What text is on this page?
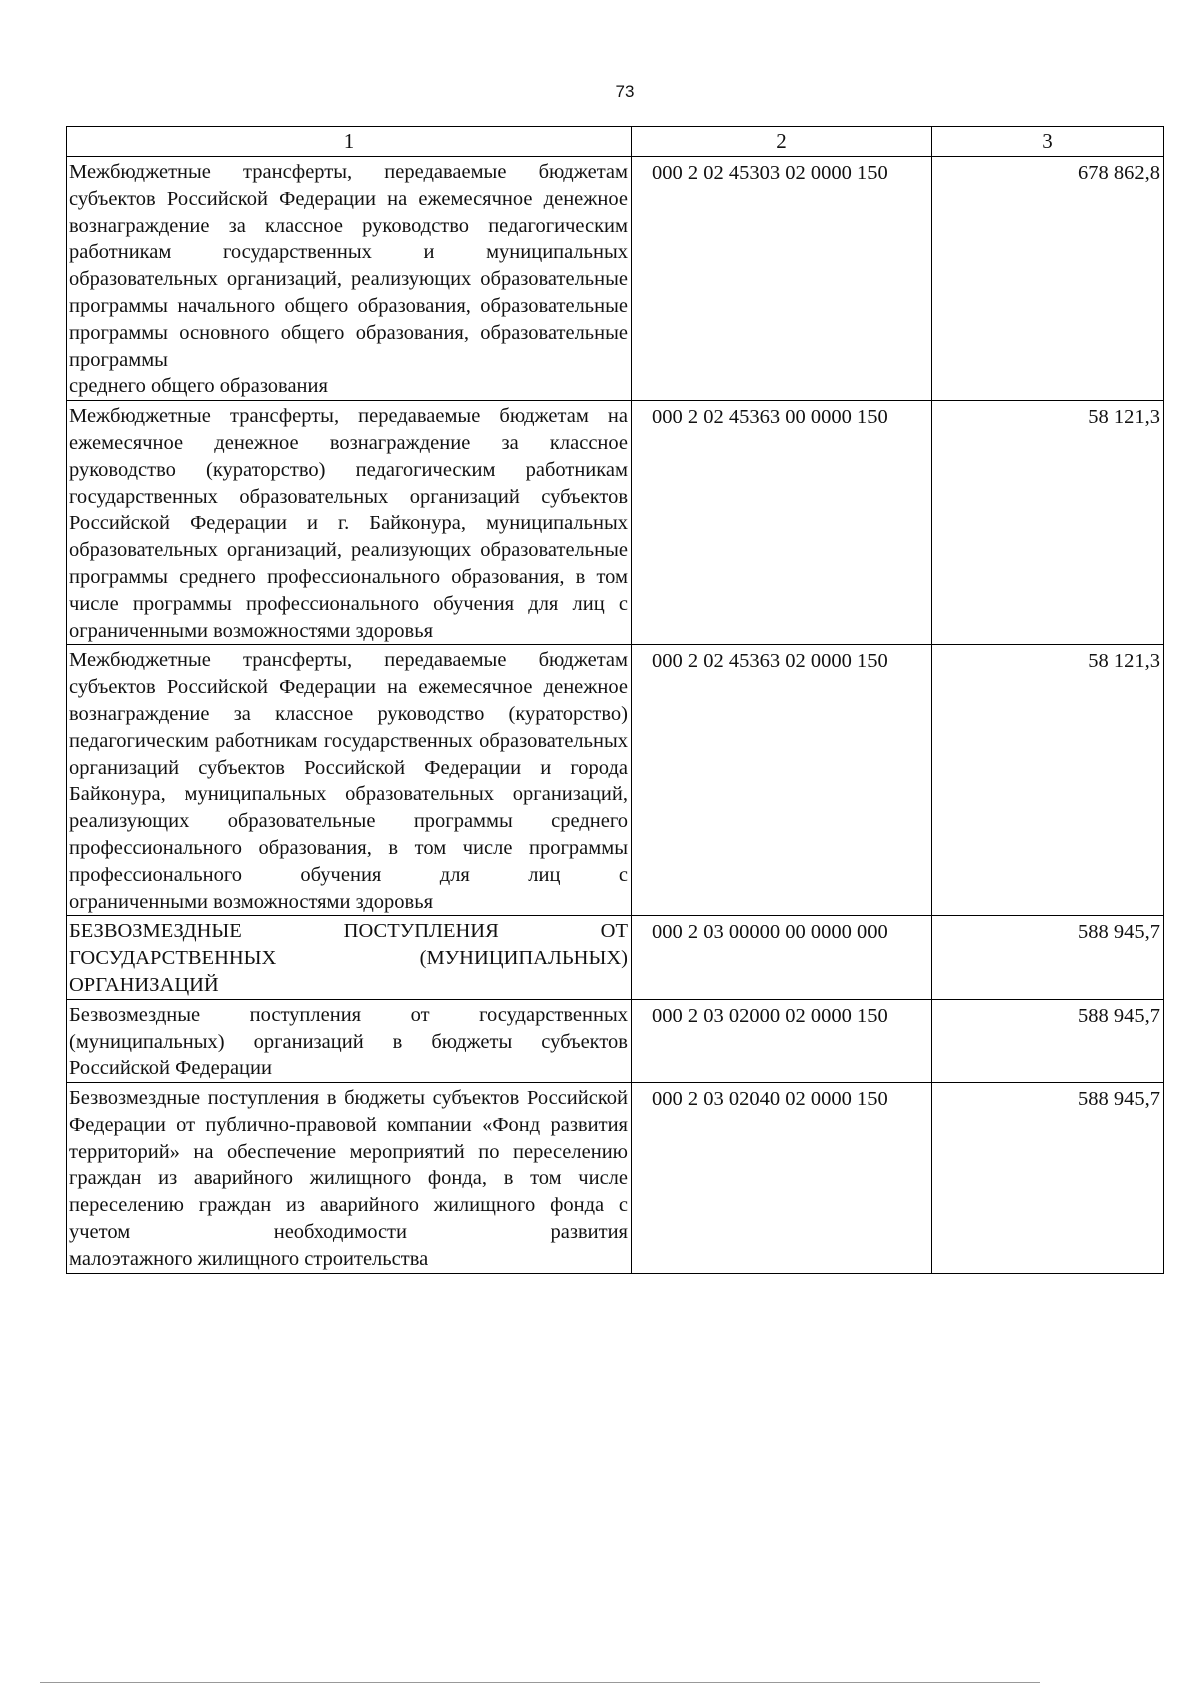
73
1	2	3
Межбюджетные трансферты, передаваемые бюджетам субъектов Российской Федерации на ежемесячное денежное вознаграждение за классное руководство педагогическим работникам государственных и муниципальных образовательных организаций, реализующих образовательные программы начального общего образования, образовательные программы основного общего образования, образовательные программы
среднего общего образования	000 2 02 45303 02 0000 150	678 862,8
Межбюджетные трансферты, передаваемые бюджетам на ежемесячное денежное вознаграждение за классное руководство (кураторство) педагогическим работникам государственных образовательных организаций субъектов Российской Федерации и г. Байконура, муниципальных образовательных организаций, реализующих образовательные программы среднего профессионального образования, в том числе программы профессионального обучения для лиц с
ограниченными возможностями здоровья	000 2 02 45363 00 0000 150	58 121,3
Межбюджетные трансферты, передаваемые бюджетам субъектов Российской Федерации на ежемесячное денежное вознаграждение за классное руководство (кураторство) педагогическим работникам государственных образовательных организаций субъектов Российской Федерации и города Байконура, муниципальных образовательных организаций, реализующих образовательные программы среднего профессионального образования, в том числе программы профессионального обучения для лиц с
ограниченными возможностями здоровья	000 2 02 45363 02 0000 150	58 121,3
БЕЗВОЗМЕЗДНЫЕ ПОСТУПЛЕНИЯ ОТ ГОСУДАРСТВЕННЫХ (МУНИЦИПАЛЬНЫХ)
ОРГАНИЗАЦИЙ	000 2 03 00000 00 0000 000	588 945,7
Безвозмездные поступления от государственных (муниципальных) организаций в бюджеты субъектов
Российской Федерации	000 2 03 02000 02 0000 150	588 945,7
Безвозмездные поступления в бюджеты субъектов Российской Федерации от публично-правовой компании «Фонд развития территорий» на обеспечение мероприятий по переселению граждан из аварийного жилищного фонда, в том числе переселению граждан из аварийного жилищного фонда с учетом необходимости развития
малоэтажного жилищного строительства	000 2 03 02040 02 0000 150	588 945,7
